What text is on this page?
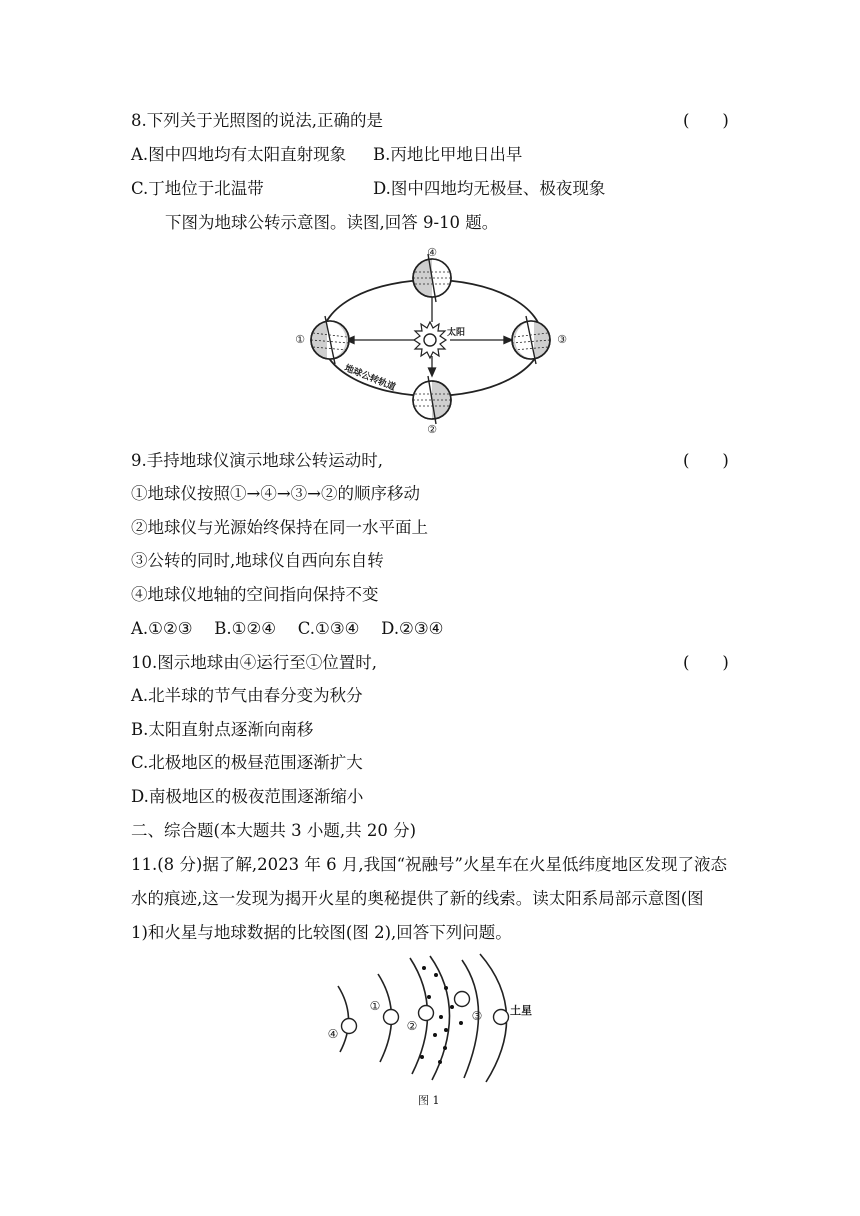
8.下列关于光照图的说法,正确的是	(　　)
A.图中四地均有太阳直射现象 B.丙地比甲地日出早
C.丁地位于北温带	D.图中四地均无极昼、极夜现象
下图为地球公转示意图。读图,回答 9-10 题。
太阳
④
①	③
②
地球公转轨道
9.手持地球仪演示地球公转运动时,	(　　)
①地球仪按照①→④→③→②的顺序移动
②地球仪与光源始终保持在同一水平面上
③公转的同时,地球仪自西向东自转
④地球仪地轴的空间指向保持不变
A.①②③　 B.①②④　 C.①③④　 D.②③④
10.图示地球由④运行至①位置时,	(　　)
A.北半球的节气由春分变为秋分
B.太阳直射点逐渐向南移
C.北极地区的极昼范围逐渐扩大
D.南极地区的极夜范围逐渐缩小
二、综合题(本大题共 3 小题,共 20 分)
11.(8 分)据了解,2023 年 6 月,我国“祝融号”火星车在火星低纬度地区发现了液态
水的痕迹,这一发现为揭开火星的奥秘提供了新的线索。读太阳系局部示意图(图
1)和火星与地球数据的比较图(图 2),回答下列问题。
④
①
②
③	土星
图 1
